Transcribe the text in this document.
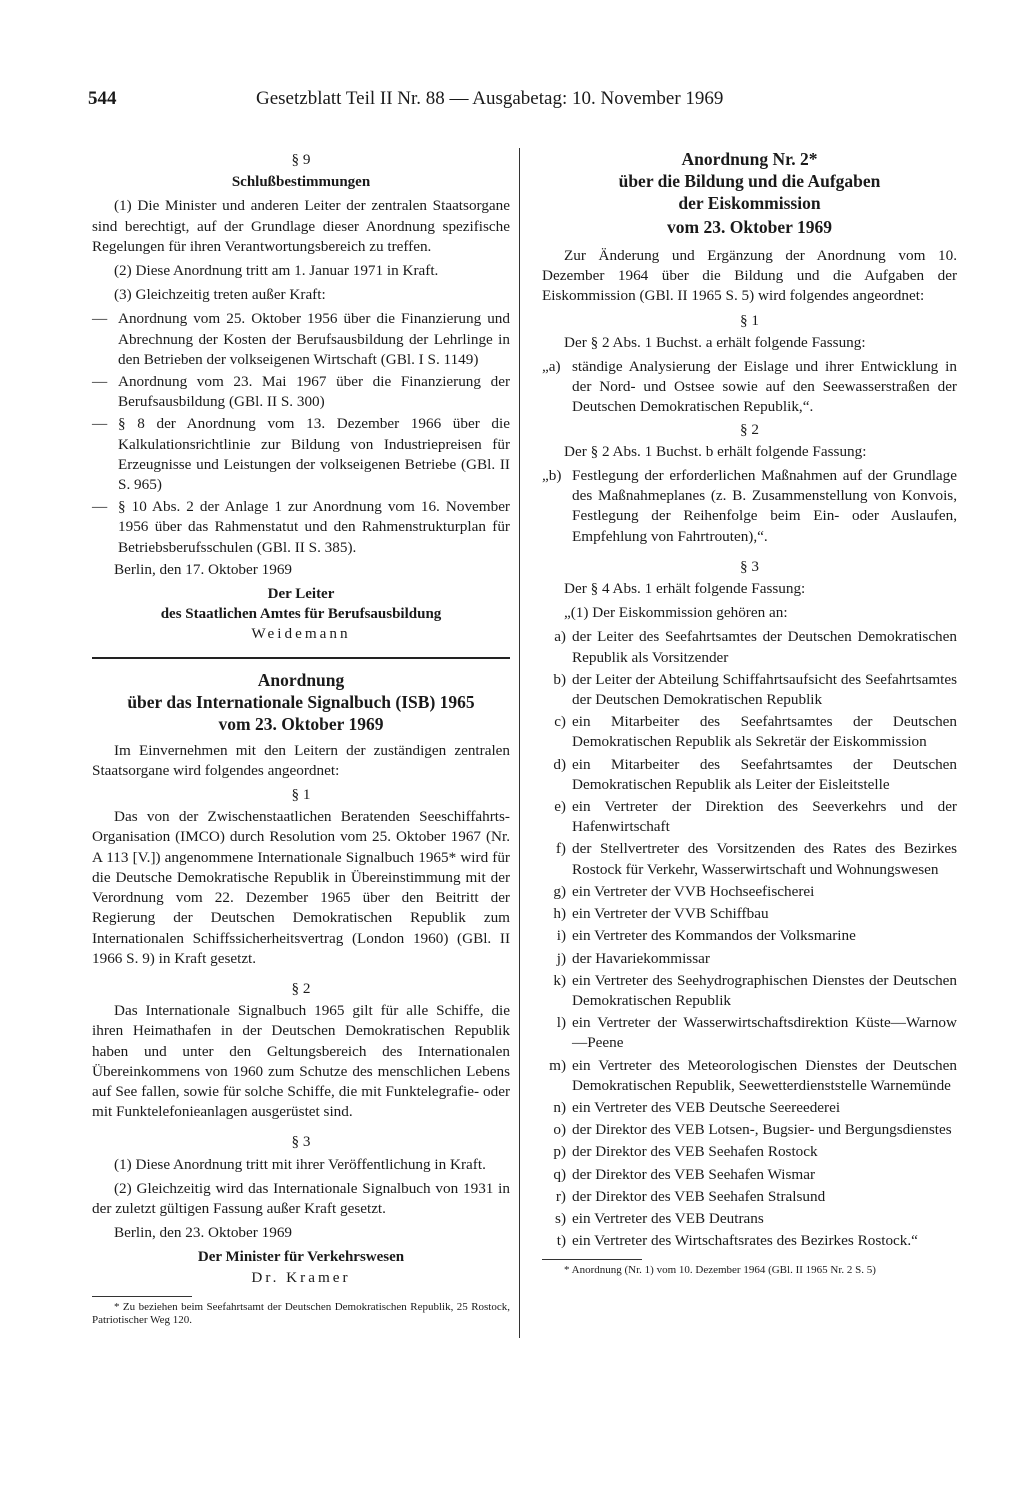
544	Gesetzblatt Teil II Nr. 88 — Ausgabetag: 10. November 1969

§ 9

Schlußbestimmungen

(1) Die Minister und anderen Leiter der zentralen Staatsorgane sind berechtigt, auf der Grundlage dieser Anordnung spezifische Regelungen für ihren Verantwortungsbereich zu treffen.

(2) Diese Anordnung tritt am 1. Januar 1971 in Kraft.

(3) Gleichzeitig treten außer Kraft:

— Anordnung vom 25. Oktober 1956 über die Finanzierung und Abrechnung der Kosten der Berufsausbildung der Lehrlinge in den Betrieben der volkseigenen Wirtschaft (GBl. I S. 1149)
— Anordnung vom 23. Mai 1967 über die Finanzierung der Berufsausbildung (GBl. II S. 300)
— § 8 der Anordnung vom 13. Dezember 1966 über die Kalkulationsrichtlinie zur Bildung von Industriepreisen für Erzeugnisse und Leistungen der volkseigenen Betriebe (GBl. II S. 965)
— § 10 Abs. 2 der Anlage 1 zur Anordnung vom 16. November 1956 über das Rahmenstatut und den Rahmenstrukturplan für Betriebsberufsschulen (GBl. II S. 385).

Berlin, den 17. Oktober 1969

Der Leiter

des Staatlichen Amtes für Berufsausbildung

Weidemann

Anordnung

über das Internationale Signalbuch (ISB) 1965

vom 23. Oktober 1969

Im Einvernehmen mit den Leitern der zuständigen zentralen Staatsorgane wird folgendes angeordnet:

§ 1

Das von der Zwischenstaatlichen Beratenden Seeschiffahrts-Organisation (IMCO) durch Resolution vom 25. Oktober 1967 (Nr. A 113 [V.]) angenommene Internationale Signalbuch 1965* wird für die Deutsche Demokratische Republik in Übereinstimmung mit der Verordnung vom 22. Dezember 1965 über den Beitritt der Regierung der Deutschen Demokratischen Republik zum Internationalen Schiffssicherheitsvertrag (London 1960) (GBl. II 1966 S. 9) in Kraft gesetzt.

§ 2

Das Internationale Signalbuch 1965 gilt für alle Schiffe, die ihren Heimathafen in der Deutschen Demokratischen Republik haben und unter den Geltungsbereich des Internationalen Übereinkommens von 1960 zum Schutze des menschlichen Lebens auf See fallen, sowie für solche Schiffe, die mit Funktelegrafie- oder mit Funktelefonieanlagen ausgerüstet sind.

§ 3

(1) Diese Anordnung tritt mit ihrer Veröffentlichung in Kraft.

(2) Gleichzeitig wird das Internationale Signalbuch von 1931 in der zuletzt gültigen Fassung außer Kraft gesetzt.

Berlin, den 23. Oktober 1969

Der Minister für Verkehrswesen

Dr. Kramer

* Zu beziehen beim Seefahrtsamt der Deutschen Demokratischen Republik, 25 Rostock, Patriotischer Weg 120.

Anordnung Nr. 2*

über die Bildung und die Aufgaben

der Eiskommission

vom 23. Oktober 1969

Zur Änderung und Ergänzung der Anordnung vom 10. Dezember 1964 über die Bildung und die Aufgaben der Eiskommission (GBl. II 1965 S. 5) wird folgendes angeordnet:

§ 1

Der § 2 Abs. 1 Buchst. a erhält folgende Fassung:

„a) ständige Analysierung der Eislage und ihrer Entwicklung in der Nord- und Ostsee sowie auf den Seewasserstraßen der Deutschen Demokratischen Republik,“.

§ 2

Der § 2 Abs. 1 Buchst. b erhält folgende Fassung:

„b) Festlegung der erforderlichen Maßnahmen auf der Grundlage des Maßnahmeplanes (z. B. Zusammenstellung von Konvois, Festlegung der Reihenfolge beim Ein- oder Auslaufen, Empfehlung von Fahrtrouten),“.

§ 3

Der § 4 Abs. 1 erhält folgende Fassung:

„(1) Der Eiskommission gehören an:

a) der Leiter des Seefahrtsamtes der Deutschen Demokratischen Republik als Vorsitzender
b) der Leiter der Abteilung Schiffahrtsaufsicht des Seefahrtsamtes der Deutschen Demokratischen Republik
c) ein Mitarbeiter des Seefahrtsamtes der Deutschen Demokratischen Republik als Sekretär der Eiskommission
d) ein Mitarbeiter des Seefahrtsamtes der Deutschen Demokratischen Republik als Leiter der Eisleitstelle
e) ein Vertreter der Direktion des Seeverkehrs und der Hafenwirtschaft
f) der Stellvertreter des Vorsitzenden des Rates des Bezirkes Rostock für Verkehr, Wasserwirtschaft und Wohnungswesen
g) ein Vertreter der VVB Hochseefischerei
h) ein Vertreter der VVB Schiffbau
i) ein Vertreter des Kommandos der Volksmarine
j) der Havariekommissar
k) ein Vertreter des Seehydrographischen Dienstes der Deutschen Demokratischen Republik
l) ein Vertreter der Wasserwirtschaftsdirektion Küste—Warnow—Peene
m) ein Vertreter des Meteorologischen Dienstes der Deutschen Demokratischen Republik, Seewetterdienststelle Warnemünde
n) ein Vertreter des VEB Deutsche Seereederei
o) der Direktor des VEB Lotsen-, Bugsier- und Bergungsdienstes
p) der Direktor des VEB Seehafen Rostock
q) der Direktor des VEB Seehafen Wismar
r) der Direktor des VEB Seehafen Stralsund
s) ein Vertreter des VEB Deutrans
t) ein Vertreter des Wirtschaftsrates des Bezirkes Rostock.“

* Anordnung (Nr. 1) vom 10. Dezember 1964 (GBl. II 1965 Nr. 2 S. 5)
